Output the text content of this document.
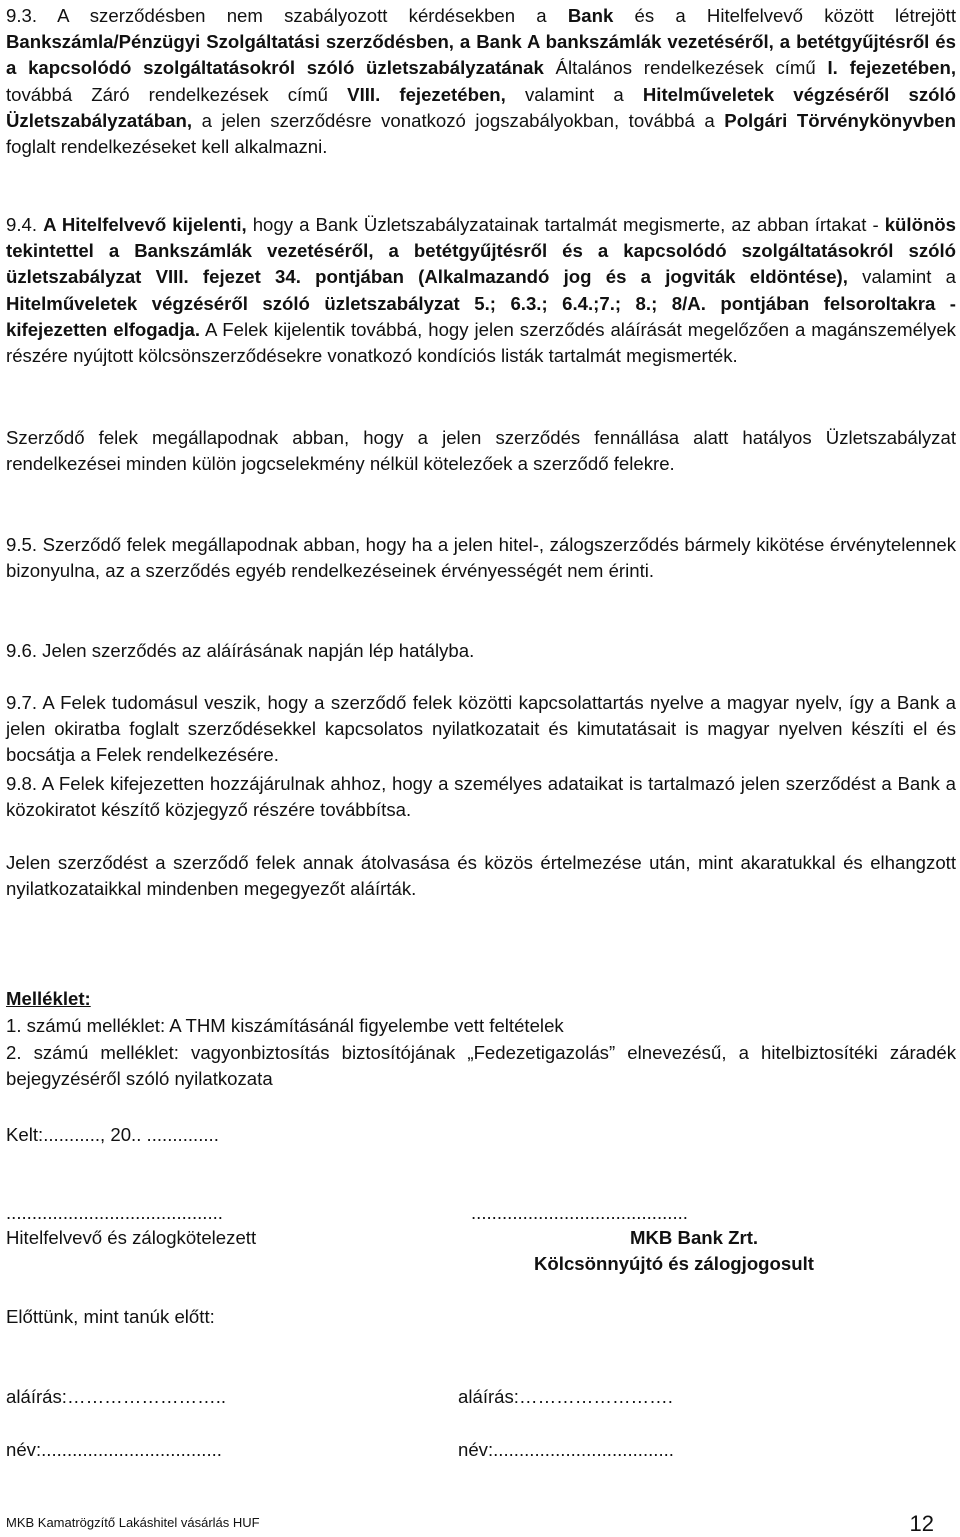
9.3. A szerződésben nem szabályozott kérdésekben a Bank és a Hitelfelvevő között létrejött Bankszámla/Pénzügyi Szolgáltatási szerződésben, a Bank A bankszámlák vezetéséről, a betétgyűjtésről és a kapcsolódó szolgáltatásokról szóló üzletszabályzatának Általános rendelkezések című I. fejezetében, továbbá Záró rendelkezések című VIII. fejezetében, valamint a Hitelműveletek végzéséről szóló Üzletszabályzatában, a jelen szerződésre vonatkozó jogszabályokban, továbbá a Polgári Törvénykönyvben foglalt rendelkezéseket kell alkalmazni.

9.4. A Hitelfelvevő kijelenti, hogy a Bank Üzletszabályzatainak tartalmát megismerte, az abban írtakat - különös tekintettel a Bankszámlák vezetéséről, a betétgyűjtésről és a kapcsolódó szolgáltatásokról szóló üzletszabályzat VIII. fejezet 34. pontjában (Alkalmazandó jog és a jogviták eldöntése), valamint a Hitelműveletek végzéséről szóló üzletszabályzat 5.; 6.3.; 6.4.;7.; 8.; 8/A. pontjában felsoroltakra - kifejezetten elfogadja. A Felek kijelentik továbbá, hogy jelen szerződés aláírását megelőzően a magánszemélyek részére nyújtott kölcsönszerződésekre vonatkozó kondíciós listák tartalmát megismerték.

Szerződő felek megállapodnak abban, hogy a jelen szerződés fennállása alatt hatályos Üzletszabályzat rendelkezései minden külön jogcselekmény nélkül kötelezőek a szerződő felekre.

9.5. Szerződő felek megállapodnak abban, hogy ha a jelen hitel-, zálogszerződés bármely kikötése érvénytelennek bizonyulna, az a szerződés egyéb rendelkezéseinek érvényességét nem érinti.

9.6. Jelen szerződés az aláírásának napján lép hatályba.

9.7. A Felek tudomásul veszik, hogy a szerződő felek közötti kapcsolattartás nyelve a magyar nyelv, így a Bank a jelen okiratba foglalt szerződésekkel kapcsolatos nyilatkozatait és kimutatásait is magyar nyelven készíti el és bocsátja a Felek rendelkezésére.

9.8. A Felek kifejezetten hozzájárulnak ahhoz, hogy a személyes adataikat is tartalmazó jelen szerződést a Bank a közokiratot készítő közjegyző részére továbbítsa.

Jelen szerződést a szerződő felek annak átolvasása és közös értelmezése után, mint akaratukkal és elhangzott nyilatkozataikkal mindenben megegyezőt aláírták.

Melléklet:

1. számú melléklet: A THM kiszámításánál figyelembe vett feltételek

2. számú melléklet: vagyonbiztosítás biztosítójának „Fedezetigazolás” elnevezésű, a hitelbiztosítéki záradék bejegyzéséről szóló nyilatkozata

Kelt:..........., 20.. ..............

..........................................	..........................................

Hitelfelvevő és zálogkötelezett	MKB Bank Zrt.

Kölcsönnyújtó és zálogjogosult

Előttünk, mint tanúk előtt:

aláírás:……………………..	aláírás:…………………….

név:...................................	név:...................................

MKB Kamatrögzítő Lakáshitel vásárlás HUF	12
